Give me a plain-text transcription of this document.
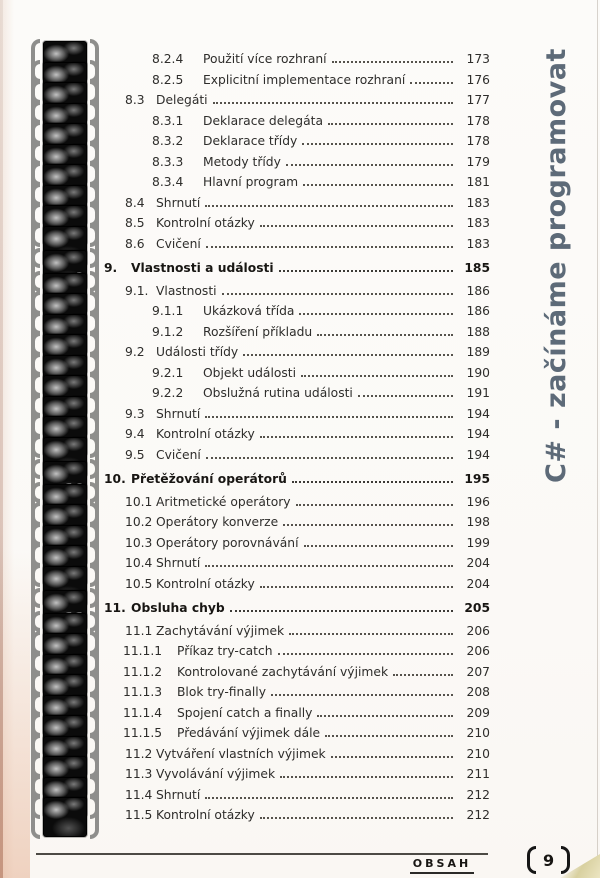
8.2.4	Použití více rozhraní	173
8.2.5	Explicitní implementace rozhraní	176
8.3 Delegáti	177
8.3.1	Deklarace delegáta	178
8.3.2	Deklarace třídy	178
8.3.3	Metody třídy	179
8.3.4	Hlavní program	181
8.4 Shrnutí	183
8.5 Kontrolní otázky	183
8.6 Cvičení	183
9.	Vlastnosti a události	185
9.1. Vlastnosti	186
9.1.1	Ukázková třída	186
9.1.2	Rozšíření příkladu	188
9.2 Události třídy	189
9.2.1	Objekt události	190
9.2.2	Obslužná rutina události	191
9.3 Shrnutí	194
9.4 Kontrolní otázky	194
9.5 Cvičení	194
10. Přetěžování operátorů	195
10.1 Aritmetické operátory	196
10.2 Operátory konverze	198
10.3 Operátory porovnávání	199
10.4 Shrnutí	204
10.5 Kontrolní otázky	204
11. Obsluha chyb	205
11.1 Zachytávání výjimek	206
11.1.1	Příkaz try-catch	206
11.1.2	Kontrolované zachytávání výjimek	207
11.1.3	Blok try-finally	208
11.1.4	Spojení catch a finally	209
11.1.5	Předávání výjimek dále	210
11.2 Vytváření vlastních výjimek	210
11.3 Vyvolávání výjimek	211
11.4 Shrnutí	212
11.5 Kontrolní otázky	212
C# - začínáme programovat
OBSAH	9
